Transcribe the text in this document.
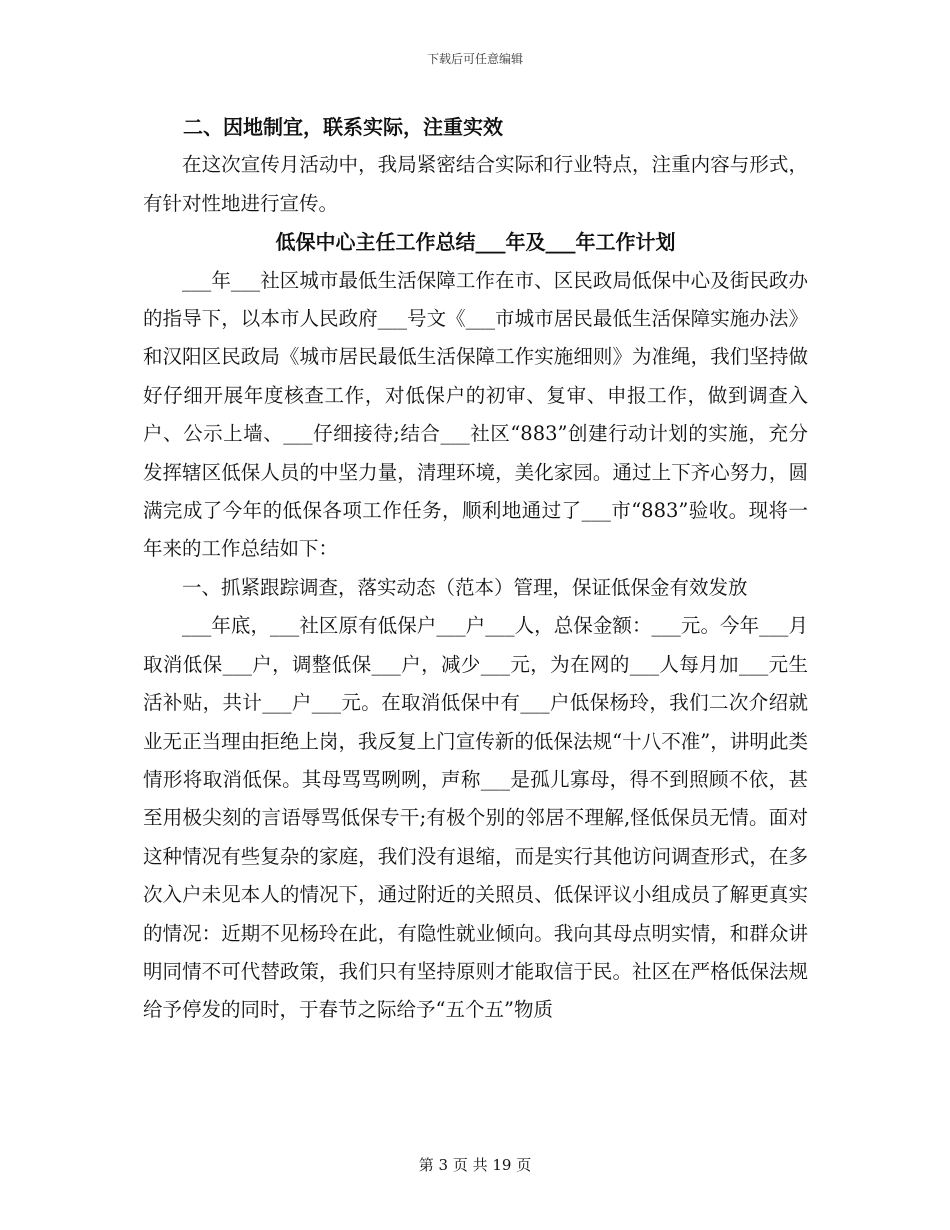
下载后可任意编辑

二、因地制宜，联系实际，注重实效

在这次宣传月活动中，我局紧密结合实际和行业特点，注重内容与形式，有针对性地进行宣传。

低保中心主任工作总结___年及___年工作计划

___年___社区城市最低生活保障工作在市、区民政局低保中心及街民政办的指导下，以本市人民政府___号文《___市城市居民最低生活保障实施办法》和汉阳区民政局《城市居民最低生活保障工作实施细则》为准绳，我们坚持做好仔细开展年度核查工作，对低保户的初审、复审、申报工作，做到调查入户、公示上墙、___仔细接待;结合___社区“883”创建行动计划的实施，充分发挥辖区低保人员的中坚力量，清理环境，美化家园。通过上下齐心努力，圆满完成了今年的低保各项工作任务，顺利地通过了___市“883”验收。现将一年来的工作总结如下：

一、抓紧跟踪调查，落实动态（范本）管理，保证低保金有效发放

___年底，___社区原有低保户___户___人，总保金额：___元。今年___月取消低保___户，调整低保___户，减少___元，为在网的___人每月加___元生活补贴，共计___户___元。在取消低保中有___户低保杨玲，我们二次介绍就业无正当理由拒绝上岗，我反复上门宣传新的低保法规“十八不准”，讲明此类情形将取消低保。其母骂骂咧咧，声称___是孤儿寡母，得不到照顾不依，甚至用极尖刻的言语辱骂低保专干;有极个别的邻居不理解,怪低保员无情。面对这种情况有些复杂的家庭，我们没有退缩，而是实行其他访问调查形式，在多次入户未见本人的情况下，通过附近的关照员、低保评议小组成员了解更真实的情况：近期不见杨玲在此，有隐性就业倾向。我向其母点明实情，和群众讲明同情不可代替政策，我们只有坚持原则才能取信于民。社区在严格低保法规给予停发的同时，于春节之际给予“五个五”物质

第 3 页 共 19 页
